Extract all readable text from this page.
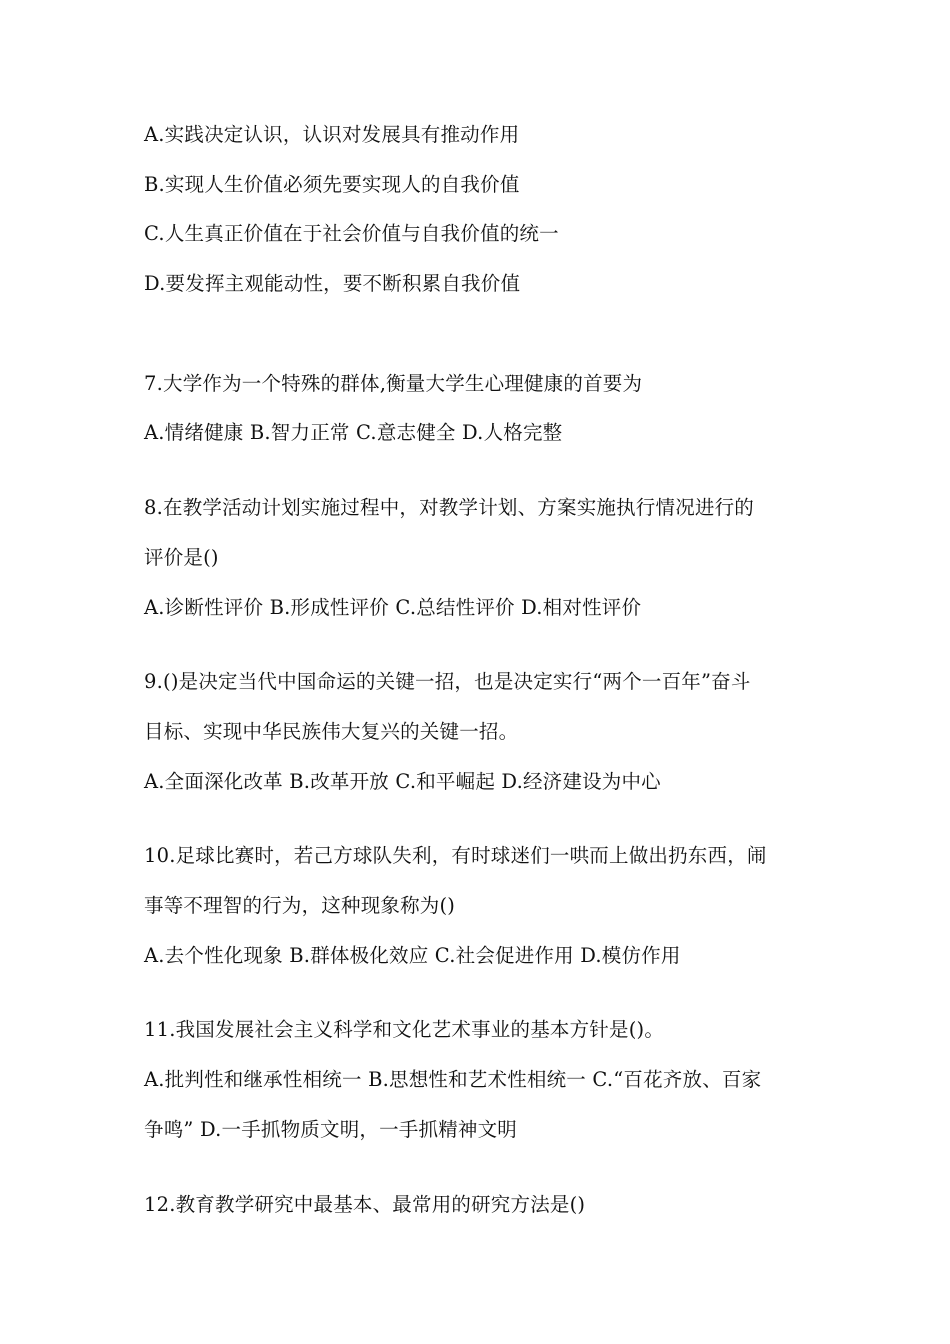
A.实践决定认识，认识对发展具有推动作用
B.实现人生价值必须先要实现人的自我价值
C.人生真正价值在于社会价值与自我价值的统一
D.要发挥主观能动性，要不断积累自我价值
7.大学作为一个特殊的群体,衡量大学生心理健康的首要为
A.情绪健康 B.智力正常 C.意志健全 D.人格完整
8.在教学活动计划实施过程中，对教学计划、方案实施执行情况进行的
评价是()
A.诊断性评价 B.形成性评价 C.总结性评价 D.相对性评价
9.()是决定当代中国命运的关键一招，也是决定实行“两个一百年”奋斗
目标、实现中华民族伟大复兴的关键一招。
A.全面深化改革 B.改革开放 C.和平崛起 D.经济建设为中心
10.足球比赛时，若己方球队失利，有时球迷们一哄而上做出扔东西，闹
事等不理智的行为，这种现象称为()
A.去个性化现象 B.群体极化效应 C.社会促进作用 D.模仿作用
11.我国发展社会主义科学和文化艺术事业的基本方针是()。
A.批判性和继承性相统一 B.思想性和艺术性相统一 C.“百花齐放、百家
争鸣” D.一手抓物质文明，一手抓精神文明
12.教育教学研究中最基本、最常用的研究方法是()
